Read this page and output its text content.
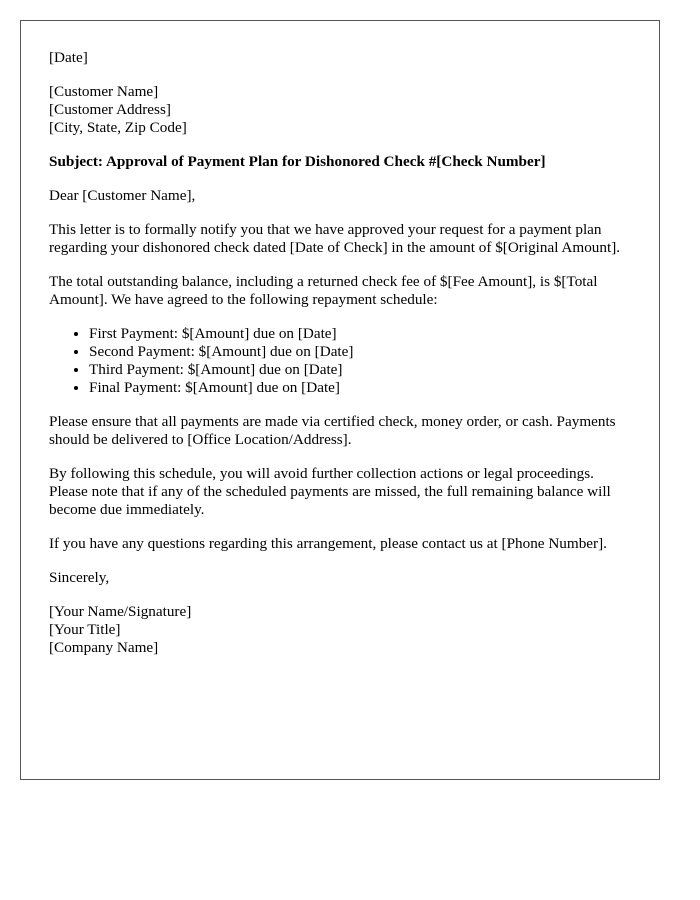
[Date]

[Customer Name]
[Customer Address]
[City, State, Zip Code]

Subject: Approval of Payment Plan for Dishonored Check #[Check Number]

Dear [Customer Name],

This letter is to formally notify you that we have approved your request for a payment plan regarding your dishonored check dated [Date of Check] in the amount of $[Original Amount].

The total outstanding balance, including a returned check fee of $[Fee Amount], is $[Total Amount]. We have agreed to the following repayment schedule:

• First Payment: $[Amount] due on [Date]
• Second Payment: $[Amount] due on [Date]
• Third Payment: $[Amount] due on [Date]
• Final Payment: $[Amount] due on [Date]

Please ensure that all payments are made via certified check, money order, or cash. Payments should be delivered to [Office Location/Address].

By following this schedule, you will avoid further collection actions or legal proceedings. Please note that if any of the scheduled payments are missed, the full remaining balance will become due immediately.

If you have any questions regarding this arrangement, please contact us at [Phone Number].

Sincerely,

[Your Name/Signature]
[Your Title]
[Company Name]
